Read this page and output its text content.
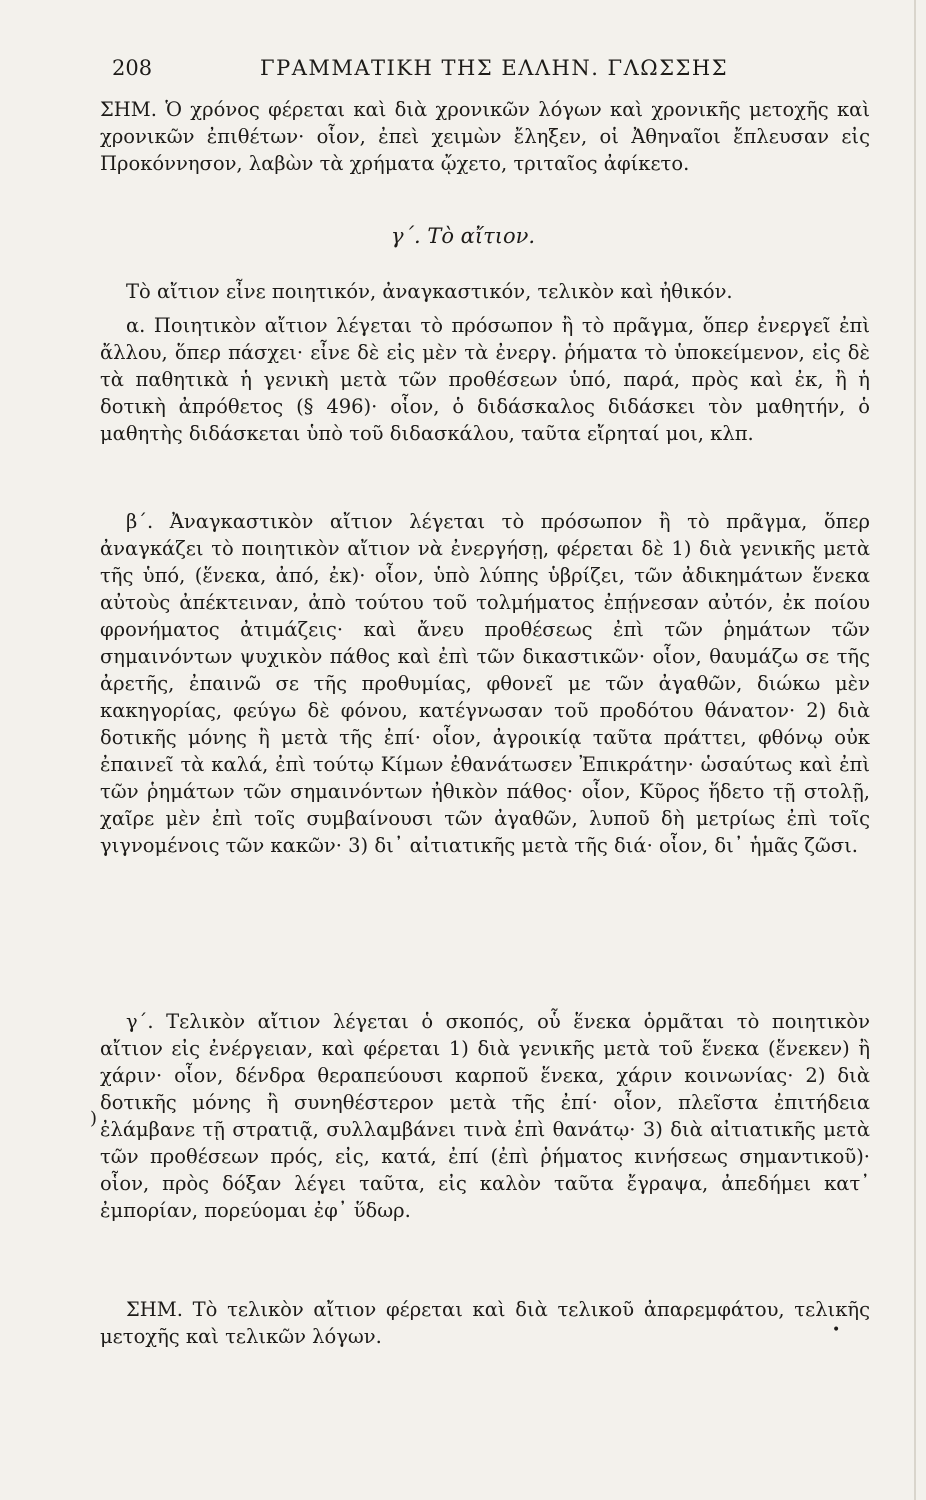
208	ΓΡΑΜΜΑΤΙΚΗ ΤΗΣ ΕΛΛΗΝ. ΓΛΩΣΣΗΣ
ΣΗΜ. Ὁ χρόνος φέρεται καὶ διὰ χρονικῶν λόγων καὶ χρονικῆς μετοχῆς καὶ χρονικῶν ἐπιθέτων· οἷον, ἐπεὶ χειμὼν ἔληξεν, οἱ Ἀθηναῖοι ἔπλευσαν εἰς Προκόννησον, λαβὼν τὰ χρήματα ᾤχετο, τριταῖος ἀφίκετο.
γ΄. Τὸ αἴτιον.
Τὸ αἴτιον εἶνε ποιητικόν, ἀναγκαστικόν, τελικὸν καὶ ἠθικόν.
α. Ποιητικὸν αἴτιον λέγεται τὸ πρόσωπον ἢ τὸ πρᾶγμα, ὅπερ ἐνεργεῖ ἐπὶ ἄλλου, ὅπερ πάσχει· εἶνε δὲ εἰς μὲν τὰ ἐνεργ. ῥήματα τὸ ὑποκείμενον, εἰς δὲ τὰ παθητικὰ ἡ γενικὴ μετὰ τῶν προθέσεων ὑπό, παρά, πρὸς καὶ ἐκ, ἢ ἡ δοτικὴ ἀπρόθετος (§ 496)· οἷον, ὁ διδάσκαλος διδάσκει τὸν μαθητήν, ὁ μαθητὴς διδάσκεται ὑπὸ τοῦ διδασκάλου, ταῦτα εἴρηταί μοι, κλπ.
β΄. Ἀναγκαστικὸν αἴτιον λέγεται τὸ πρόσωπον ἢ τὸ πρᾶγμα, ὅπερ ἀναγκάζει τὸ ποιητικὸν αἴτιον νὰ ἐνεργήσῃ, φέρεται δὲ 1) διὰ γενικῆς μετὰ τῆς ὑπό, (ἕνεκα, ἀπό, ἐκ)· οἷον, ὑπὸ λύπης ὑβρίζει, τῶν ἀδικημάτων ἕνεκα αὐτοὺς ἀπέκτειναν, ἀπὸ τούτου τοῦ τολμήματος ἐπῄνεσαν αὐτόν, ἐκ ποίου φρονήματος ἀτιμάζεις· καὶ ἄνευ προθέσεως ἐπὶ τῶν ῥημάτων τῶν σημαινόντων ψυχικὸν πάθος καὶ ἐπὶ τῶν δικαστικῶν· οἷον, θαυμάζω σε τῆς ἀρετῆς, ἐπαινῶ σε τῆς προθυμίας, φθονεῖ με τῶν ἀγαθῶν, διώκω μὲν κακηγορίας, φεύγω δὲ φόνου, κατέγνωσαν τοῦ προδότου θάνατον· 2) διὰ δοτικῆς μόνης ἢ μετὰ τῆς ἐπί· οἷον, ἀγροικίᾳ ταῦτα πράττει, φθόνῳ οὐκ ἐπαινεῖ τὰ καλά, ἐπὶ τούτῳ Κίμων ἐθανάτωσεν Ἐπικράτην· ὡσαύτως καὶ ἐπὶ τῶν ῥημάτων τῶν σημαινόντων ἠθικὸν πάθος· οἷον, Κῦρος ἥδετο τῇ στολῇ, χαῖρε μὲν ἐπὶ τοῖς συμβαίνουσι τῶν ἀγαθῶν, λυποῦ δὴ μετρίως ἐπὶ τοῖς γιγνομένοις τῶν κακῶν· 3) δι᾽ αἰτιατικῆς μετὰ τῆς διά· οἷον, δι᾽ ἡμᾶς ζῶσι.
γ΄. Τελικὸν αἴτιον λέγεται ὁ σκοπός, οὗ ἕνεκα ὁρμᾶται τὸ ποιητικὸν αἴτιον εἰς ἐνέργειαν, καὶ φέρεται 1) διὰ γενικῆς μετὰ τοῦ ἕνεκα (ἕνεκεν) ἢ χάριν· οἷον, δένδρα θεραπεύουσι καρποῦ ἕνεκα, χάριν κοινωνίας· 2) διὰ δοτικῆς μόνης ἢ συνηθέστερον μετὰ τῆς ἐπί· οἷον, πλεῖστα ἐπιτήδεια ἐλάμβανε τῇ στρατιᾷ, συλλαμβάνει τινὰ ἐπὶ θανάτῳ· 3) διὰ αἰτιατικῆς μετὰ τῶν προθέσεων πρός, εἰς, κατά, ἐπί (ἐπὶ ῥήματος κινήσεως σημαντικοῦ)· οἷον, πρὸς δόξαν λέγει ταῦτα, εἰς καλὸν ταῦτα ἔγραψα, ἀπεδήμει κατ᾽ ἐμπορίαν, πορεύομαι ἐφ᾽ ὕδωρ.
ΣΗΜ. Τὸ τελικὸν αἴτιον φέρεται καὶ διὰ τελικοῦ ἀπαρεμφάτου, τελικῆς μετοχῆς καὶ τελικῶν λόγων.
)
•
